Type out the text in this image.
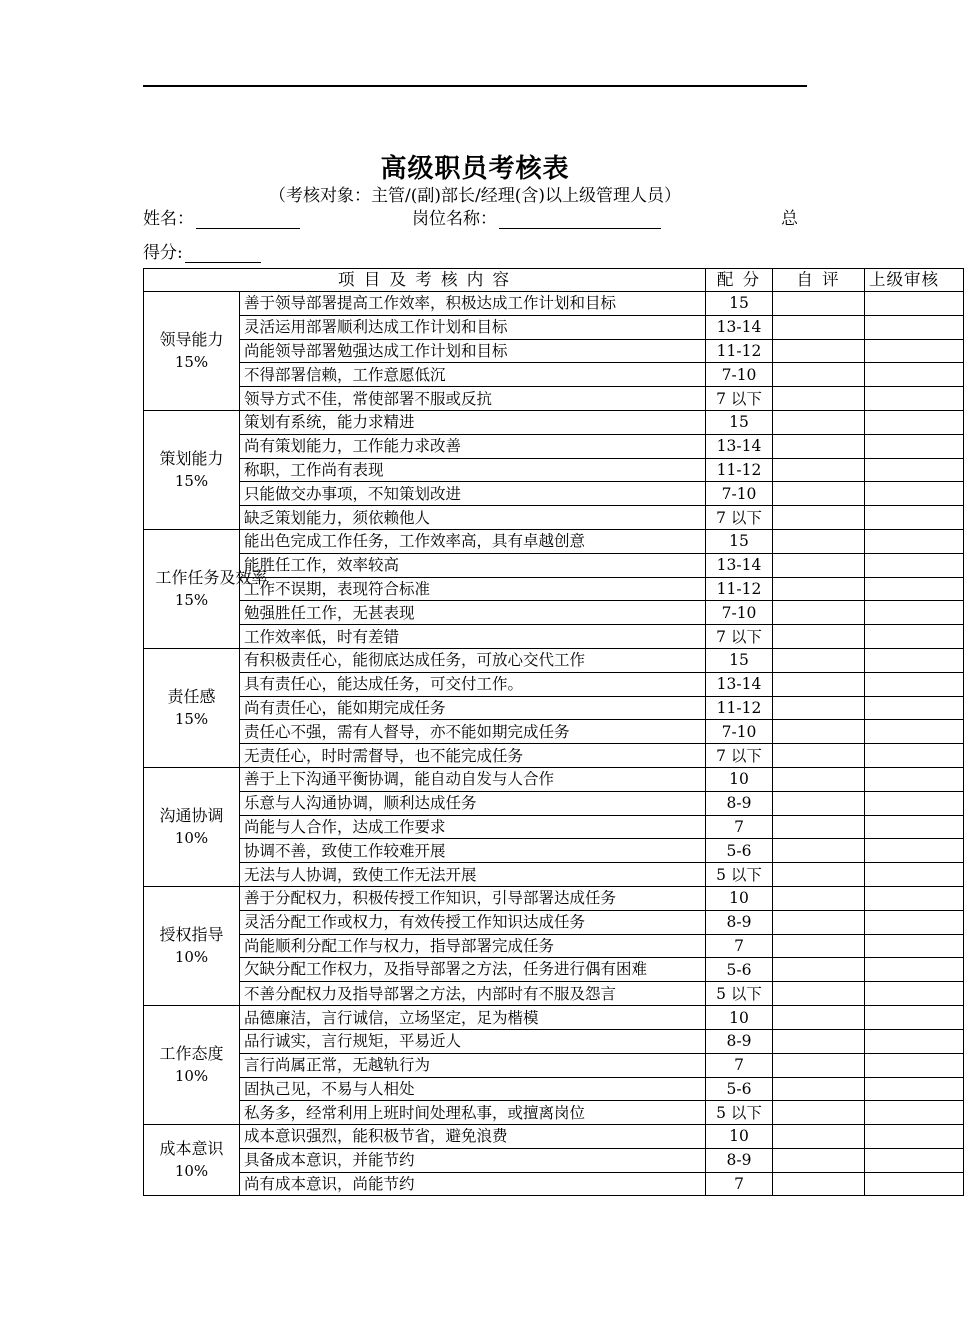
高级职员考核表
（考核对象：主管/(副)部长/经理(含)以上级管理人员）
姓名：	岗位名称：	总
得分:
项 目 及 考 核 内 容		配 分	自 评	上级审核

领导能力
15%	善于领导部署提高工作效率，积极达成工作计划和目标	15		
	灵活运用部署顺利达成工作计划和目标	13-14		
	尚能领导部署勉强达成工作计划和目标	11-12		
	不得部署信赖，工作意愿低沉	7-10		
	领导方式不佳，常使部署不服或反抗	7 以下		

策划能力
15%	策划有系统，能力求精进	15		
	尚有策划能力，工作能力求改善	13-14		
	称职，工作尚有表现	11-12		
	只能做交办事项，不知策划改进	7-10		
	缺乏策划能力，须依赖他人	7 以下		

工作任务及效率
15%	能出色完成工作任务，工作效率高，具有卓越创意	15		
	能胜任工作，效率较高	13-14		
	工作不误期，表现符合标准	11-12		
	勉强胜任工作，无甚表现	7-10		
	工作效率低，时有差错	7 以下		

责任感
15%	有积极责任心，能彻底达成任务，可放心交代工作	15		
	具有责任心，能达成任务，可交付工作。	13-14		
	尚有责任心，能如期完成任务	11-12		
	责任心不强，需有人督导，亦不能如期完成任务	7-10		
	无责任心，时时需督导，也不能完成任务	7 以下		

沟通协调
10%	善于上下沟通平衡协调，能自动自发与人合作	10		
	乐意与人沟通协调，顺利达成任务	8-9		
	尚能与人合作，达成工作要求	7		
	协调不善，致使工作较难开展	5-6		
	无法与人协调，致使工作无法开展	5 以下		

授权指导
10%	善于分配权力，积极传授工作知识，引导部署达成任务	10		
	灵活分配工作或权力，有效传授工作知识达成任务	8-9		
	尚能顺利分配工作与权力，指导部署完成任务	7		
	欠缺分配工作权力，及指导部署之方法，任务进行偶有困难	5-6		
	不善分配权力及指导部署之方法，内部时有不服及怨言	5 以下		

工作态度
10%	品德廉洁，言行诚信，立场坚定，足为楷模	10		
	品行诚实，言行规矩，平易近人	8-9		
	言行尚属正常，无越轨行为	7		
	固执己见，不易与人相处	5-6		
	私务多，经常利用上班时间处理私事，或擅离岗位	5 以下		

成本意识
10%	成本意识强烈，能积极节省，避免浪费	10		
	具备成本意识，并能节约	8-9		
	尚有成本意识，尚能节约	7		
